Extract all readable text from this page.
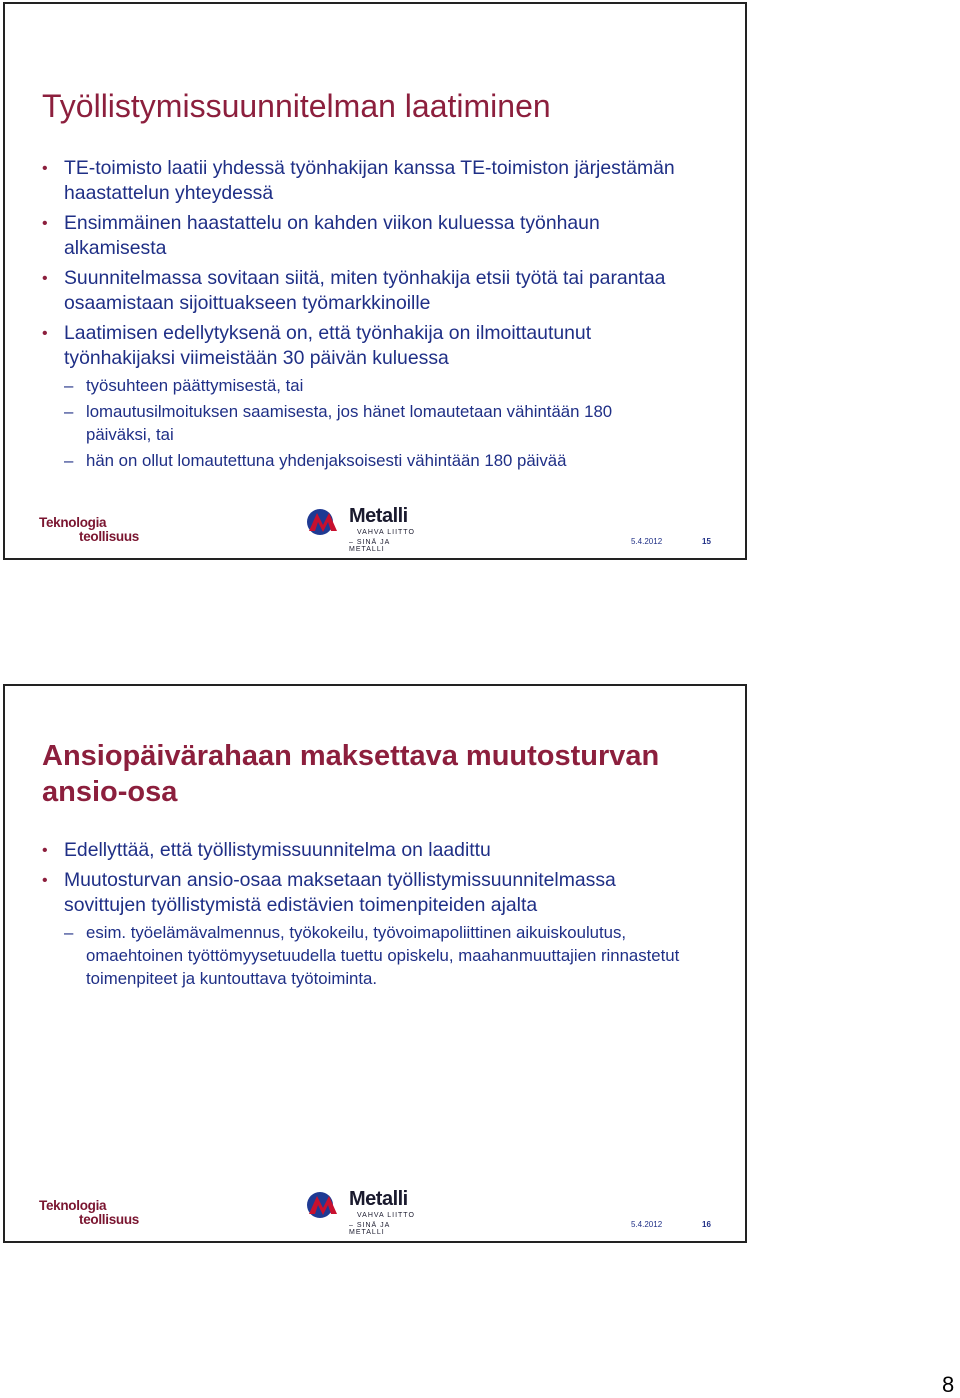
Työllistymissuunnitelman laatiminen
• TE-toimisto laatii yhdessä työnhakijan kanssa TE-toimiston järjestämän haastattelun yhteydessä
• Ensimmäinen haastattelu on kahden viikon kuluessa työnhaun alkamisesta
• Suunnitelmassa sovitaan siitä, miten työnhakija etsii työtä tai parantaa osaamistaan sijoittuakseen työmarkkinoille
• Laatimisen edellytyksenä on, että työnhakija on ilmoittautunut työnhakijaksi viimeistään 30 päivän kuluessa
– työsuhteen päättymisestä, tai
– lomautusilmoituksen saamisesta, jos hänet lomautetaan vähintään 180 päiväksi, tai
– hän on ollut lomautettuna yhdenjaksoisesti vähintään 180 päivää
Teknologia
teollisuus
Metalli
VAHVA LIITTO
– SINÄ JA METALLI
5.4.2012	15
Ansiopäivärahaan maksettava muutosturvan ansio-osa
• Edellyttää, että työllistymissuunnitelma on laadittu
• Muutosturvan ansio-osaa maksetaan työllistymissuunnitelmassa sovittujen työllistymistä edistävien toimenpiteiden ajalta
– esim. työelämävalmennus, työkokeilu, työvoimapoliittinen aikuiskoulutus, omaehtoinen työttömyysetuudella tuettu opiskelu, maahanmuuttajien rinnastetut toimenpiteet ja kuntouttava työtoiminta.
Teknologia
teollisuus
Metalli
VAHVA LIITTO
– SINÄ JA METALLI
5.4.2012	16
8
